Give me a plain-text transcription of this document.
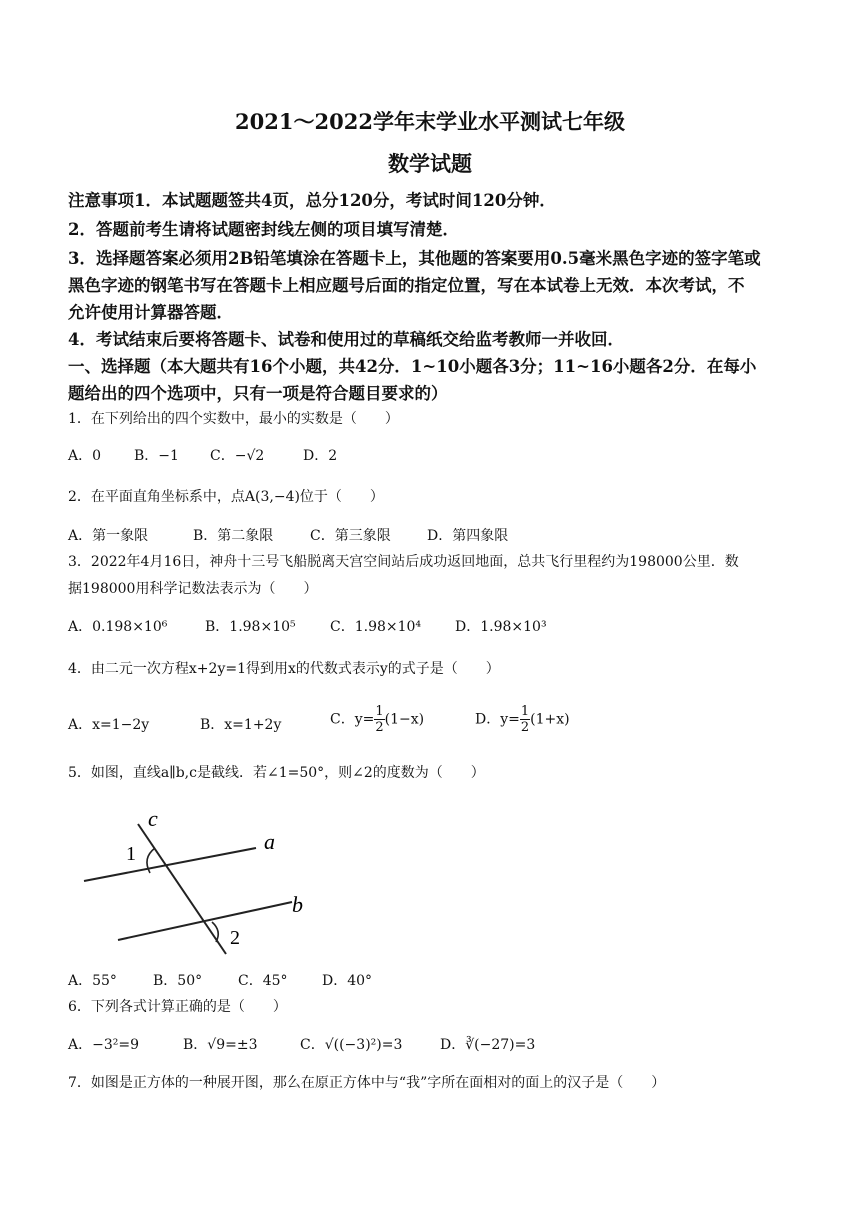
2021～2022学年末学业水平测试七年级
数学试题
注意事项1．本试题题签共4页，总分120分，考试时间120分钟．
2．答题前考生请将试题密封线左侧的项目填写清楚．
3．选择题答案必须用2B铅笔填涂在答题卡上，其他题的答案要用0.5毫米黑色字迹的签字笔或
黑色字迹的钢笔书写在答题卡上相应题号后面的指定位置，写在本试卷上无效．本次考试，不
允许使用计算器答题．
4．考试结束后要将答题卡、试卷和使用过的草稿纸交给监考教师一并收回．
一、选择题（本大题共有16个小题，共42分．1~10小题各3分；11~16小题各2分．在每小
题给出的四个选项中，只有一项是符合题目要求的）
1．在下列给出的四个实数中，最小的实数是（　　）
A．0 B．−1 C．−√2	D．2
2．在平面直角坐标系中，点A(3,−4)位于（　　）
A．第一象限	B．第二象限	C．第三象限	D．第四象限
3．2022年4月16日，神舟十三号飞船脱离天宫空间站后成功返回地面，总共飞行里程约为198000公里．数
据198000用科学记数法表示为（　　）
A．0.198×10⁶	B．1.98×10⁵ C．1.98×10⁴ D．1.98×10³
4．由二元一次方程x+2y=1得到用x的代数式表示y的式子是（　　）
A．x=1−2y	B．x=1+2y	C．$y= \frac{1}{2} (1-x)$	D．$y= \frac{1}{2} (1+x)$
5．如图，直线a∥b,c是截线．若∠1=50°，则∠2的度数为（　　）
c
a
b
1
2
A．55°	B．50°	C．45° D．40°
6．下列各式计算正确的是（　　）
A．−3²=9	B．√9=±3	C．√((−3)²)=3	D．∛(−27)=3
7．如图是正方体的一种展开图，那么在原正方体中与“我”字所在面相对的面上的汉子是（　　）
